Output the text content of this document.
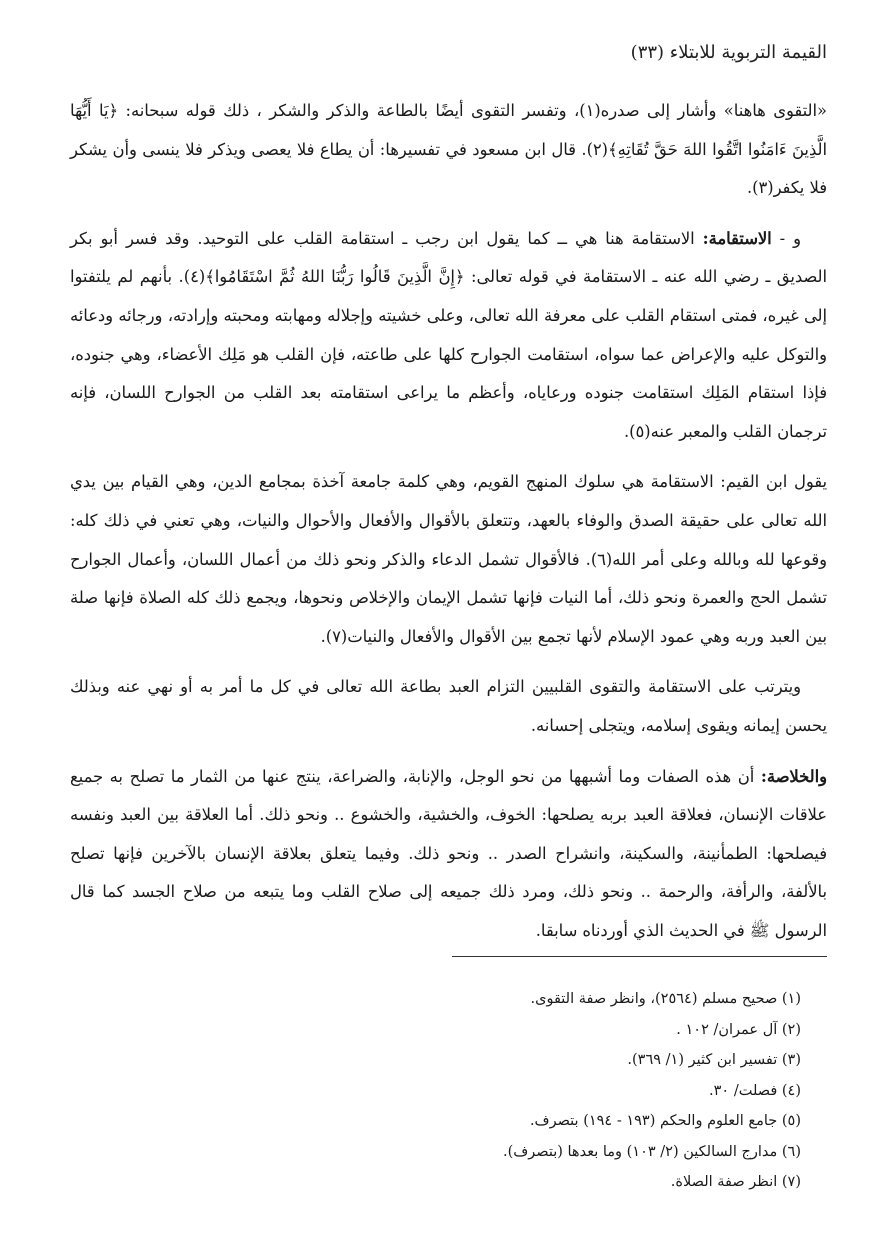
القيمة التربوية للابتلاء (٣٣)

«التقوى هاهنا» وأشار إلى صدره(١)، وتفسر التقوى أيضًا بالطاعة والذكر والشكر ، ذلك قوله سبحانه: ﴿يَا أَيُّهَا الَّذِينَ ءَامَنُوا اتَّقُوا اللهَ حَقَّ تُقَاتِهِ﴾(٢). قال ابن مسعود في تفسيرها: أن يطاع فلا يعصى ويذكر فلا ينسى وأن يشكر فلا يكفر(٣).

و - الاستقامة: الاستقامة هنا هي ــ كما يقول ابن رجب ـ استقامة القلب على التوحيد. وقد فسر أبو بكر الصديق ـ رضي الله عنه ـ الاستقامة في قوله تعالى: ﴿إِنَّ الَّذِينَ قَالُوا رَبُّنَا اللهُ ثُمَّ اسْتَقَامُوا﴾(٤). بأنهم لم يلتفتوا إلى غيره، فمتى استقام القلب على معرفة الله تعالى، وعلى خشيته وإجلاله ومهابته ومحبته وإرادته، ورجائه ودعائه والتوكل عليه والإعراض عما سواه، استقامت الجوارح كلها على طاعته، فإن القلب هو مَلِك الأعضاء، وهي جنوده، فإذا استقام المَلِك استقامت جنوده ورعاياه، وأعظم ما يراعى استقامته بعد القلب من الجوارح اللسان، فإنه ترجمان القلب والمعبر عنه(٥).

يقول ابن القيم: الاستقامة هي سلوك المنهج القويم، وهي كلمة جامعة آخذة بمجامع الدين، وهي القيام بين يدي الله تعالى على حقيقة الصدق والوفاء بالعهد، وتتعلق بالأقوال والأفعال والأحوال والنيات، وهي تعني في ذلك كله: وقوعها لله وبالله وعلى أمر الله(٦). فالأقوال تشمل الدعاء والذكر ونحو ذلك من أعمال اللسان، وأعمال الجوارح تشمل الحج والعمرة ونحو ذلك، أما النيات فإنها تشمل الإيمان والإخلاص ونحوها، ويجمع ذلك كله الصلاة فإنها صلة بين العبد وربه وهي عمود الإسلام لأنها تجمع بين الأقوال والأفعال والنيات(٧).

ويترتب على الاستقامة والتقوى القلبيين التزام العبد بطاعة الله تعالى في كل ما أمر به أو نهي عنه وبذلك يحسن إيمانه ويقوى إسلامه، ويتجلى إحسانه.

والخلاصة: أن هذه الصفات وما أشبهها من نحو الوجل، والإنابة، والضراعة، ينتج عنها من الثمار ما تصلح به جميع علاقات الإنسان، فعلاقة العبد بربه يصلحها: الخوف، والخشية، والخشوع .. ونحو ذلك. أما العلاقة بين العبد ونفسه فيصلحها: الطمأنينة، والسكينة، وانشراح الصدر .. ونحو ذلك. وفيما يتعلق بعلاقة الإنسان بالآخرين فإنها تصلح بالألفة، والرأفة، والرحمة .. ونحو ذلك، ومرد ذلك جميعه إلى صلاح القلب وما يتبعه من صلاح الجسد كما قال الرسول ﷺ في الحديث الذي أوردناه سابقا.

(١) صحيح مسلم (٢٥٦٤)، وانظر صفة التقوى.
(٢) آل عمران/ ١٠٢ .
(٣) تفسير ابن كثير (١/ ٣٦٩).
(٤) فصلت/ ٣٠.
(٥) جامع العلوم والحكم (١٩٣ - ١٩٤) بتصرف.
(٦) مدارج السالكين (٢/ ١٠٣) وما بعدها (بتصرف).
(٧) انظر صفة الصلاة.
